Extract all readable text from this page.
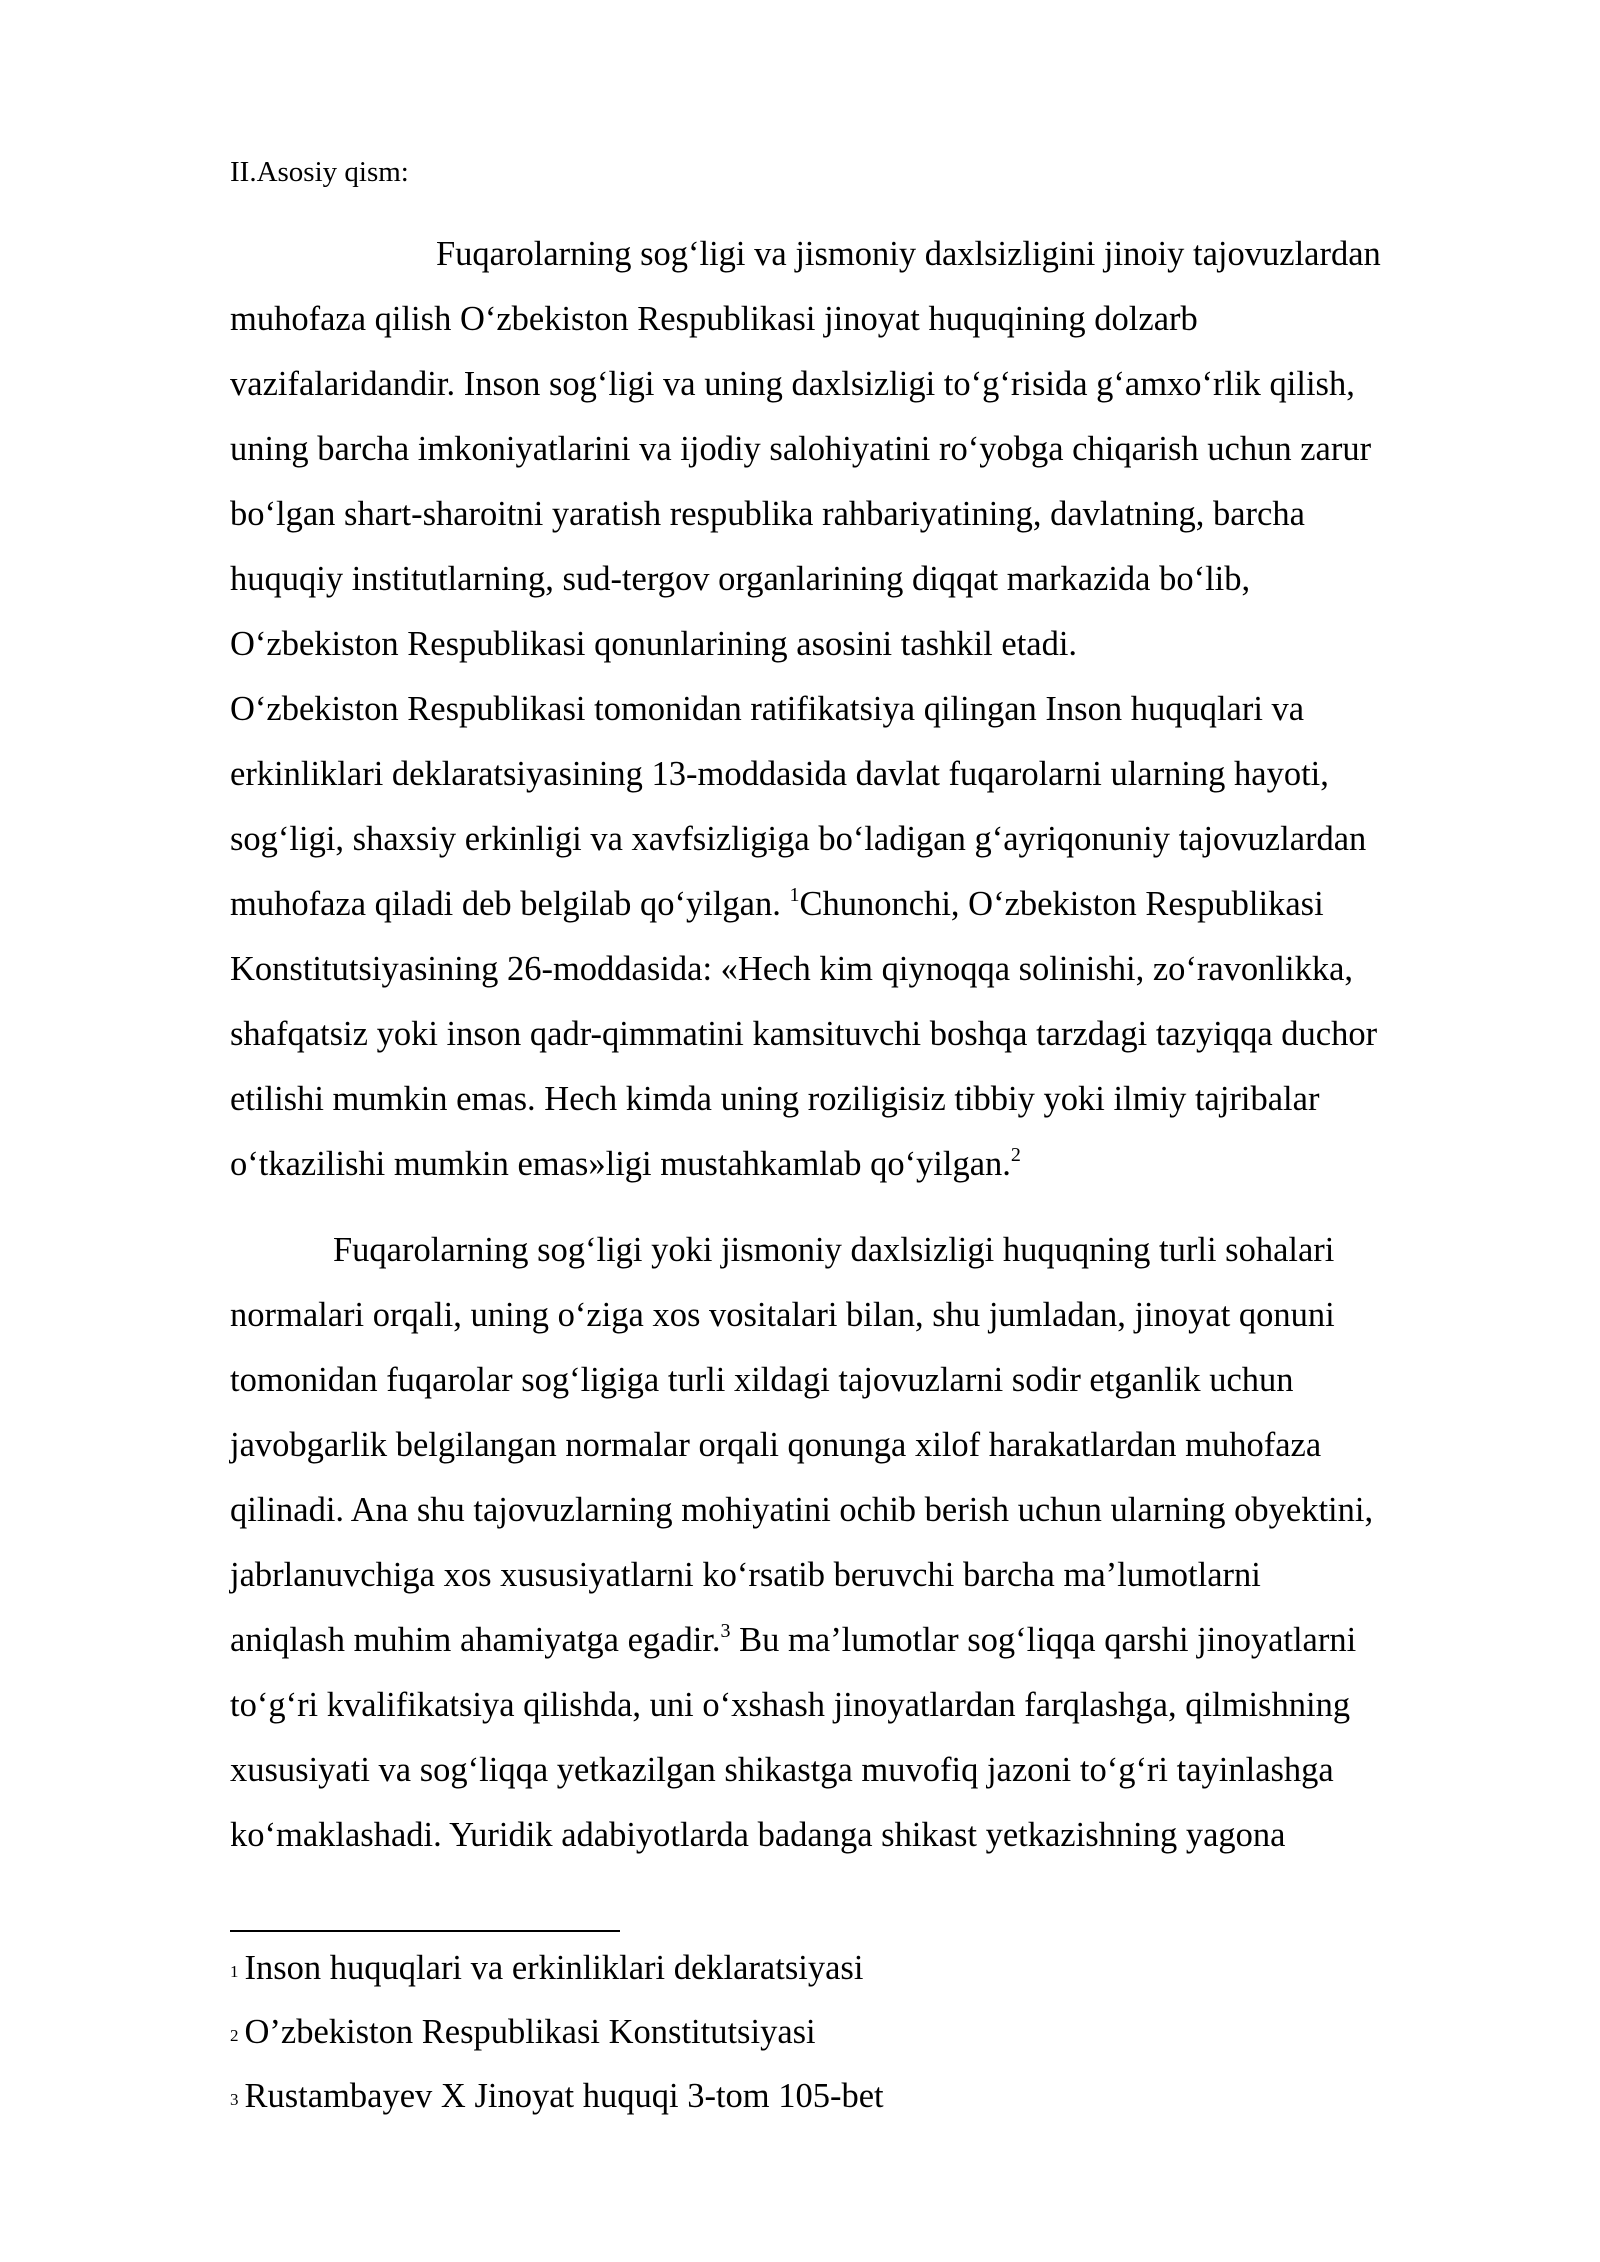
II.Asosiy qism:

Fuqarolarning sog‘ligi va jismoniy daxlsizligini jinoiy tajovuzlardan

muhofaza qilish O‘zbekiston Respublikasi jinoyat huquqining dolzarb

vazifalaridandir. Inson sog‘ligi va uning daxlsizligi to‘g‘risida g‘amxo‘rlik qilish,

uning barcha imkoniyatlarini va ijodiy salohiyatini ro‘yobga chiqarish uchun zarur

bo‘lgan shart-sharoitni yaratish respublika rahbariyatining, davlatning, barcha

huquqiy institutlarning, sud-tergov organlarining diqqat markazida bo‘lib,

O‘zbekiston Respublikasi qonunlarining asosini tashkil etadi.

O‘zbekiston Respublikasi tomonidan ratifikatsiya qilingan Inson huquqlari va

erkinliklari deklaratsiyasining 13-moddasida davlat fuqarolarni ularning hayoti,

sog‘ligi, shaxsiy erkinligi va xavfsizligiga bo‘ladigan g‘ayriqonuniy tajovuzlardan

muhofaza qiladi deb belgilab qo‘yilgan. $^1$Chunonchi, O‘zbekiston Respublikasi

Konstitutsiyasining 26-moddasida: «Hech kim qiynoqqa solinishi, zo‘ravonlikka,

shafqatsiz yoki inson qadr-qimmatini kamsituvchi boshqa tarzdagi tazyiqqa duchor

etilishi mumkin emas. Hech kimda uning roziligisiz tibbiy yoki ilmiy tajribalar

o‘tkazilishi mumkin emas»ligi mustahkamlab qo‘yilgan.$^2$

Fuqarolarning sog‘ligi yoki jismoniy daxlsizligi huquqning turli sohalari

normalari orqali, uning o‘ziga xos vositalari bilan, shu jumladan, jinoyat qonuni

tomonidan fuqarolar sog‘ligiga turli xildagi tajovuzlarni sodir etganlik uchun

javobgarlik belgilangan normalar orqali qonunga xilof harakatlardan muhofaza

qilinadi. Ana shu tajovuzlarning mohiyatini ochib berish uchun ularning obyektini,

jabrlanuvchiga xos xususiyatlarni ko‘rsatib beruvchi barcha ma’lumotlarni

aniqlash muhim ahamiyatga egadir.$^3$ Bu ma’lumotlar sog‘liqqa qarshi jinoyatlarni

to‘g‘ri kvalifikatsiya qilishda, uni o‘xshash jinoyatlardan farqlashga, qilmishning

xususiyati va sog‘liqqa yetkazilgan shikastga muvofiq jazoni to‘g‘ri tayinlashga

ko‘maklashadi. Yuridik adabiyotlarda badanga shikast yetkazishning yagona

1 Inson huquqlari va erkinliklari deklaratsiyasi

2 O’zbekiston Respublikasi Konstitutsiyasi

3 Rustambayev X Jinoyat huquqi 3-tom 105-bet
